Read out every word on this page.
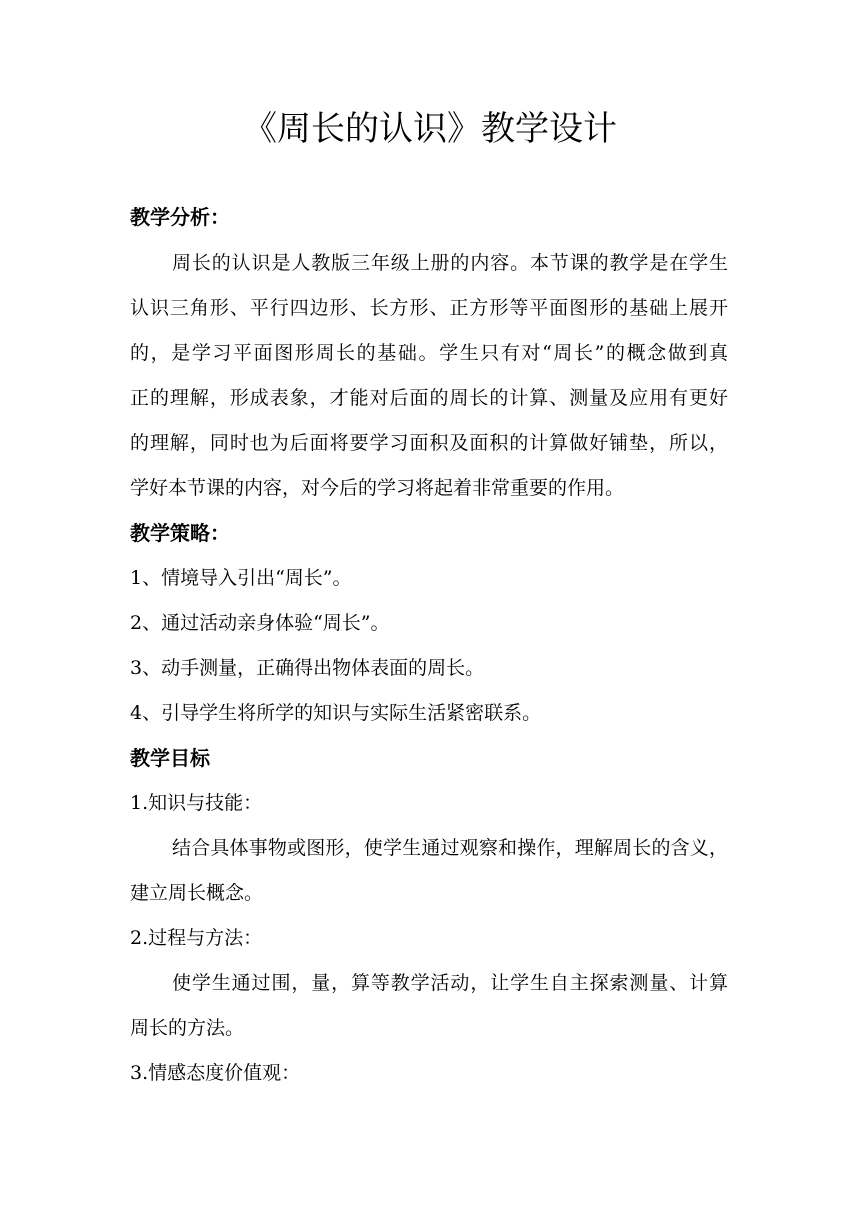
《周长的认识》教学设计
教学分析：
周长的认识是人教版三年级上册的内容。本节课的教学是在学生
认识三角形、平行四边形、长方形、正方形等平面图形的基础上展开
的，是学习平面图形周长的基础。学生只有对“周长”的概念做到真
正的理解，形成表象，才能对后面的周长的计算、测量及应用有更好
的理解，同时也为后面将要学习面积及面积的计算做好铺垫，所以，
学好本节课的内容，对今后的学习将起着非常重要的作用。
教学策略：
1、情境导入引出“周长”。
2、通过活动亲身体验“周长”。
3、动手测量，正确得出物体表面的周长。
4、引导学生将所学的知识与实际生活紧密联系。
教学目标
1.知识与技能：
结合具体事物或图形，使学生通过观察和操作，理解周长的含义，
建立周长概念。
2.过程与方法：
使学生通过围，量，算等教学活动，让学生自主探索测量、计算
周长的方法。
3.情感态度价值观：
